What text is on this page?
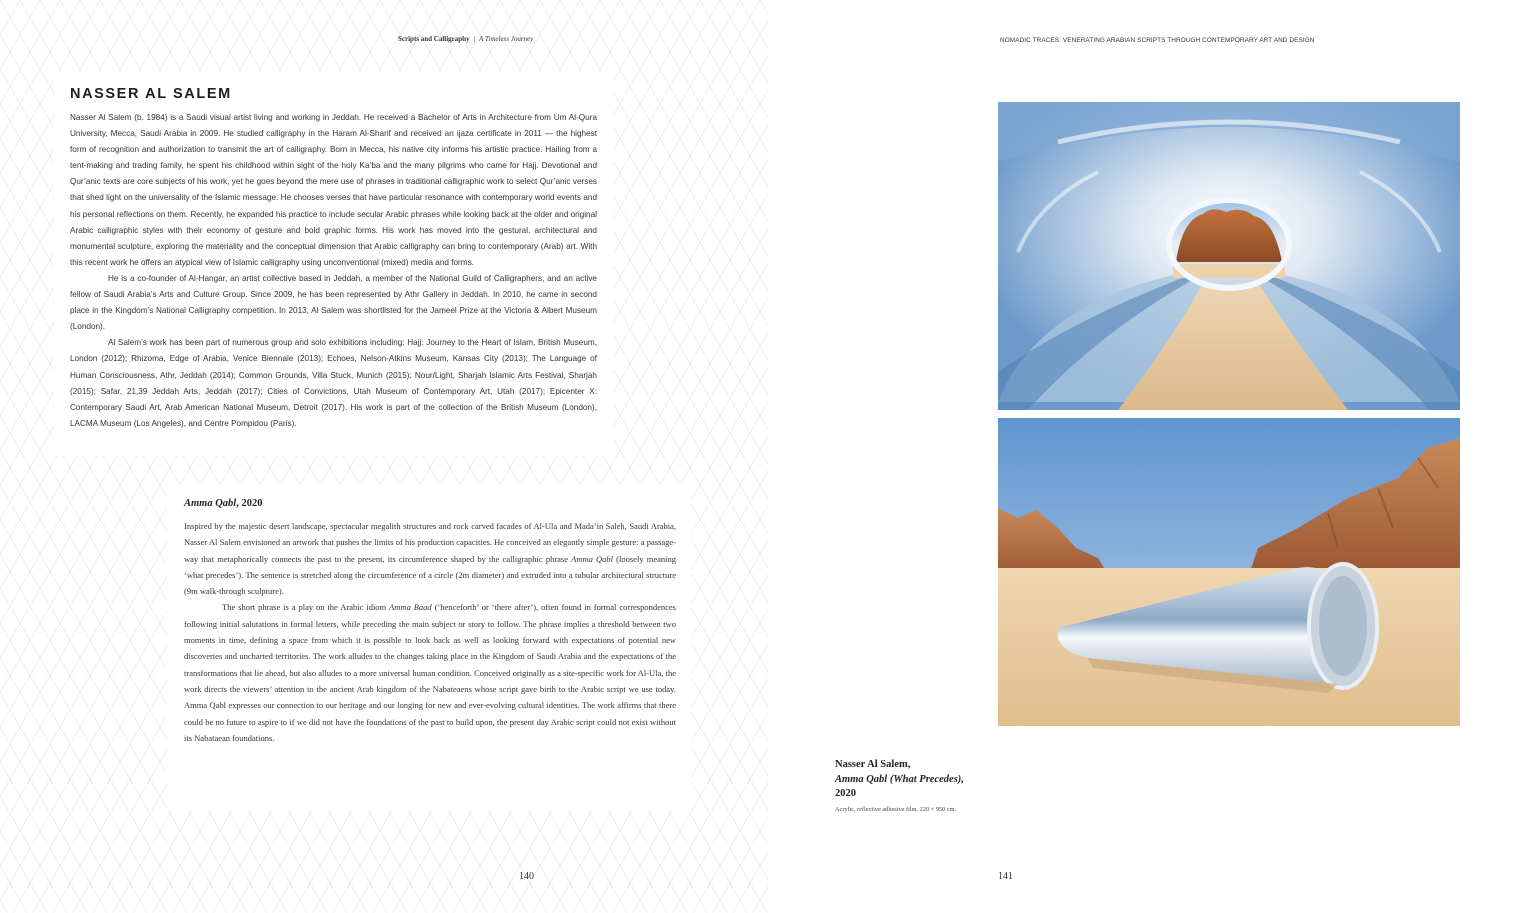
Scripts and Calligraphy | A Timeless Journey
NASSER AL SALEM

Nasser Al Salem (b. 1984) is a Saudi visual artist living and working in Jeddah. He received a Bachelor of Arts in Architecture from Um Al-Qura University, Mecca, Saudi Arabia in 2009. He studied calligraphy in the Haram Al-Sharif and received an ijaza certificate in 2011 — the highest form of recognition and authorization to transmit the art of calligraphy. Born in Mecca, his native city informs his artistic practice. Hailing from a tent-making and trading family, he spent his childhood within sight of the holy Ka’ba and the many pilgrims who came for Hajj. Devotional and Qur’anic texts are core subjects of his work, yet he goes beyond the mere use of phrases in traditional calligraphic work to select Qur’anic verses that shed light on the universality of the Islamic message. He chooses verses that have particular resonance with contemporary world events and his personal reflections on them. Recently, he expanded his practice to include secular Arabic phrases while looking back at the older and original Arabic calligraphic styles with their economy of gesture and bold graphic forms. His work has moved into the gestural, architectural and monumental sculpture, exploring the materiality and the conceptual dimension that Arabic calligraphy can bring to contemporary (Arab) art. With this recent work he offers an atypical view of Islamic calligraphy using unconventional (mixed) media and forms.

He is a co-founder of Al-Hangar, an artist collective based in Jeddah, a member of the National Guild of Calligraphers, and an active fellow of Saudi Arabia’s Arts and Culture Group. Since 2009, he has been represented by Athr Gallery in Jeddah. In 2010, he came in second place in the Kingdom’s National Calligraphy competition. In 2013, Al Salem was shortlisted for the Jameel Prize at the Victoria & Albert Museum (London).

Al Salem’s work has been part of numerous group and solo exhibitions including: Hajj: Journey to the Heart of Islam, British Museum, London (2012); Rhizoma, Edge of Arabia, Venice Biennale (2013); Echoes, Nelson-Atkins Museum, Kansas City (2013); The Language of Human Consciousness, Athr, Jeddah (2014); Common Grounds, Villa Stuck, Munich (2015); Nour/Light, Sharjah Islamic Arts Festival, Sharjah (2015); Safar, 21,39 Jeddah Arts, Jeddah (2017); Cities of Convictions, Utah Museum of Contemporary Art, Utah (2017); Epicenter X: Contemporary Saudi Art, Arab American National Museum, Detroit (2017). His work is part of the collection of the British Museum (London), LACMA Museum (Los Angeles), and Centre Pompidou (Paris).

Amma Qabl, 2020

Inspired by the majestic desert landscape, spectacular megalith structures and rock carved facades of Al-Ula and Mada’in Saleh, Saudi Arabia, Nasser Al Salem envisioned an artwork that pushes the limits of his production capacities. He conceived an elegantly simple gesture: a passage-way that metaphorically connects the past to the present, its circumference shaped by the calligraphic phrase Amma Qabl (loosely meaning ‘what precedes’). The sentence is stretched along the circumference of a circle (2m diameter) and extruded into a tubular architectural structure (9m walk-through sculpture).

The short phrase is a play on the Arabic idiom Amma Baad (‘henceforth’ or ‘there after’), often found in formal correspondences following initial salutations in formal letters, while preceding the main subject or story to follow. The phrase implies a threshold between two moments in time, defining a space from which it is possible to look back as well as looking forward with expectations of potential new discoveries and uncharted territories. The work alludes to the changes taking place in the Kingdom of Saudi Arabia and the expectations of the transformations that lie ahead, but also alludes to a more universal human condition. Conceived originally as a site-specific work for Al-Ula, the work directs the viewers’ attention to the ancient Arab kingdom of the Nabateaens whose script gave birth to the Arabic script we use today. Amma Qabl expresses our connection to our heritage and our longing for new and ever-evolving cultural identities. The work affirms that there could be no future to aspire to if we did not have the foundations of the past to build upon, the present day Arabic script could not exist without its Nabataean foundations.

140
NOMADIC TRACES: VENERATING ARABIAN SCRIPTS THROUGH CONTEMPORARY ART AND DESIGN
Nasser Al Salem,
Amma Qabl (What Precedes),
2020
Acrylic, reflective adhesive film. 220 × 950 cm.
141
